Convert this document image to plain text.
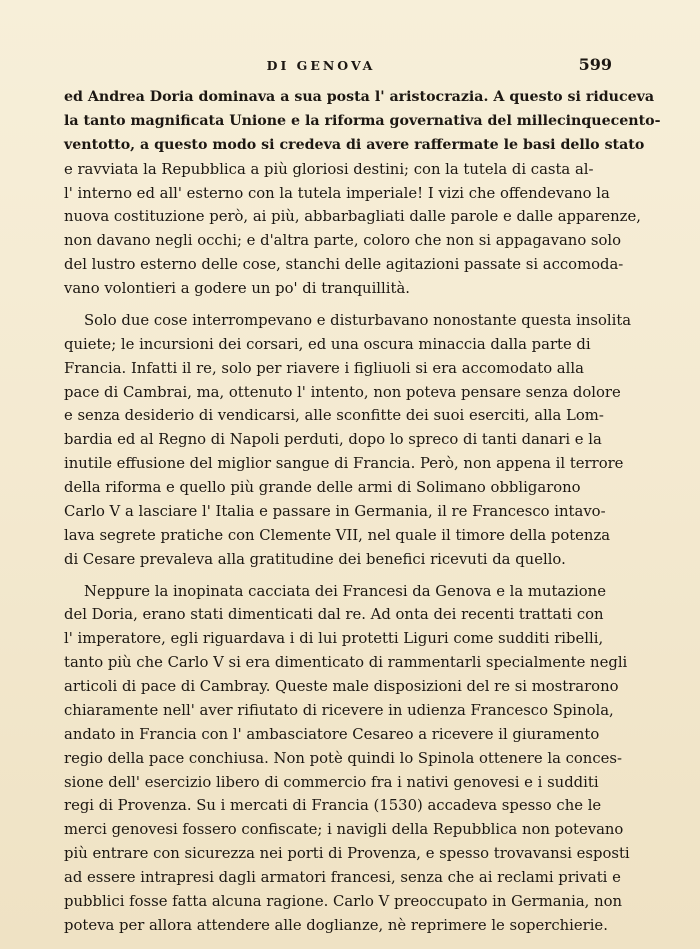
DI GENOVA	599
ed Andrea Doria dominava a sua posta l' aristocrazia. A questo si riduceva
la tanto magnificata Unione e la riforma governativa del millecinquecento-
ventotto, a questo modo si credeva di avere raffermate le basi dello stato
e ravviata la Repubblica a più gloriosi destini; con la tutela di casta al-
l' interno ed all' esterno con la tutela imperiale! I vizi che offendevano la
nuova costituzione però, ai più, abbarbagliati dalle parole e dalle apparenze,
non davano negli occhi; e d'altra parte, coloro che non si appagavano solo
del lustro esterno delle cose, stanchi delle agitazioni passate si accomoda-
vano volontieri a godere un po' di tranquillità.
Solo due cose interrompevano e disturbavano nonostante questa insolita
quiete; le incursioni dei corsari, ed una oscura minaccia dalla parte di
Francia. Infatti il re, solo per riavere i figliuoli si era accomodato alla
pace di Cambrai, ma, ottenuto l' intento, non poteva pensare senza dolore
e senza desiderio di vendicarsi, alle sconfitte dei suoi eserciti, alla Lom-
bardia ed al Regno di Napoli perduti, dopo lo spreco di tanti danari e la
inutile effusione del miglior sangue di Francia. Però, non appena il terrore
della riforma e quello più grande delle armi di Solimano obbligarono
Carlo V a lasciare l' Italia e passare in Germania, il re Francesco intavo-
lava segrete pratiche con Clemente VII, nel quale il timore della potenza
di Cesare prevaleva alla gratitudine dei benefici ricevuti da quello.
Neppure la inopinata cacciata dei Francesi da Genova e la mutazione
del Doria, erano stati dimenticati dal re. Ad onta dei recenti trattati con
l' imperatore, egli riguardava i di lui protetti Liguri come sudditi ribelli,
tanto più che Carlo V si era dimenticato di rammentarli specialmente negli
articoli di pace di Cambray. Queste male disposizioni del re si mostrarono
chiaramente nell' aver rifiutato di ricevere in udienza Francesco Spinola,
andato in Francia con l' ambasciatore Cesareo a ricevere il giuramento
regio della pace conchiusa. Non potè quindi lo Spinola ottenere la conces-
sione dell' esercizio libero di commercio fra i nativi genovesi e i sudditi
regi di Provenza. Su i mercati di Francia (1530) accadeva spesso che le
merci genovesi fossero confiscate; i navigli della Repubblica non potevano
più entrare con sicurezza nei porti di Provenza, e spesso trovavansi esposti
ad essere intrapresi dagli armatori francesi, senza che ai reclami privati e
pubblici fosse fatta alcuna ragione. Carlo V preoccupato in Germania, non
poteva per allora attendere alle doglianze, nè reprimere le soperchierie.
